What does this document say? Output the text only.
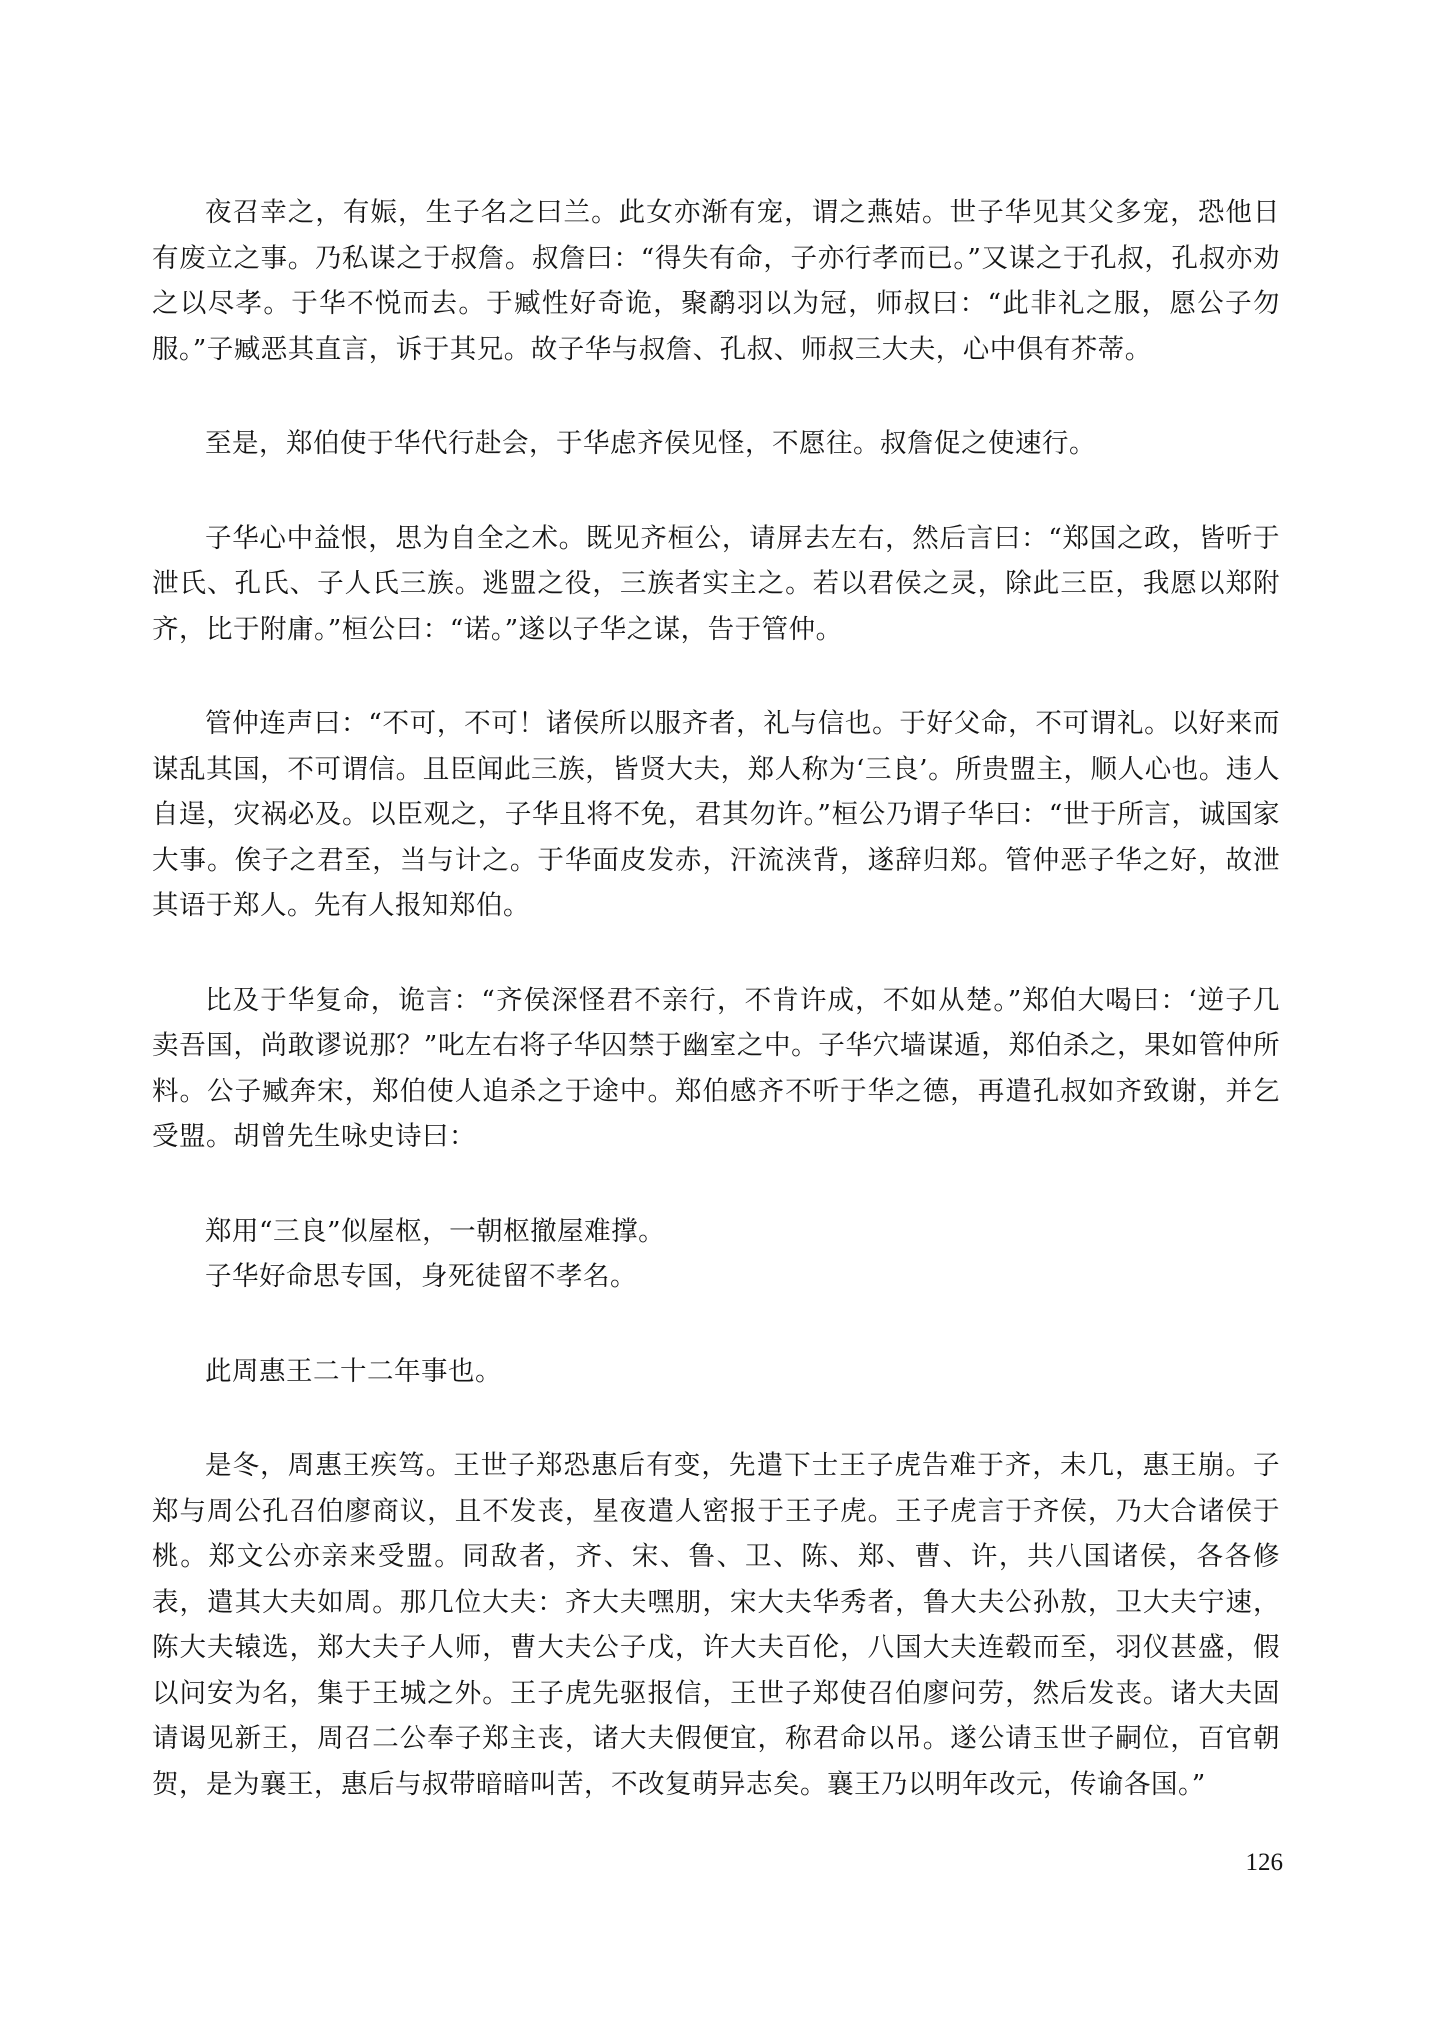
夜召幸之，有娠，生子名之曰兰。此女亦渐有宠，谓之燕姞。世子华见其父多宠，恐他日有废立之事。乃私谋之于叔詹。叔詹曰：“得失有命，子亦行孝而已。”又谋之于孔叔，孔叔亦劝之以尽孝。于华不悦而去。于臧性好奇诡，聚鹬羽以为冠，师叔曰：“此非礼之服，愿公子勿服。”子臧恶其直言，诉于其兄。故子华与叔詹、孔叔、师叔三大夫，心中俱有芥蒂。

至是，郑伯使于华代行赴会，于华虑齐侯见怪，不愿往。叔詹促之使速行。

子华心中益恨，思为自全之术。既见齐桓公，请屏去左右，然后言曰：“郑国之政，皆听于泄氏、孔氏、子人氏三族。逃盟之役，三族者实主之。若以君侯之灵，除此三臣，我愿以郑附齐，比于附庸。”桓公曰：“诺。”遂以子华之谋，告于管仲。

管仲连声曰：“不可，不可！诸侯所以服齐者，礼与信也。于好父命，不可谓礼。以好来而谋乱其国，不可谓信。且臣闻此三族，皆贤大夫，郑人称为‘三良’。所贵盟主，顺人心也。违人自逞，灾祸必及。以臣观之，子华且将不免，君其勿许。”桓公乃谓子华曰：“世于所言，诚国家大事。俟子之君至，当与计之。于华面皮发赤，汗流浃背，遂辞归郑。管仲恶子华之好，故泄其语于郑人。先有人报知郑伯。

比及于华复命，诡言：“齐侯深怪君不亲行，不肯许成，不如从楚。”郑伯大喝曰：‘逆子几卖吾国，尚敢谬说那？”叱左右将子华囚禁于幽室之中。子华穴墙谋遁，郑伯杀之，果如管仲所料。公子臧奔宋，郑伯使人追杀之于途中。郑伯感齐不听于华之德，再遣孔叔如齐致谢，并乞受盟。胡曾先生咏史诗曰：

郑用“三良”似屋枢，一朝枢撤屋难撑。
子华好命思专国，身死徒留不孝名。

此周惠王二十二年事也。

是冬，周惠王疾笃。王世子郑恐惠后有变，先遣下士王子虎告难于齐，未几，惠王崩。子郑与周公孔召伯廖商议，且不发丧，星夜遣人密报于王子虎。王子虎言于齐侯，乃大合诸侯于桃。郑文公亦亲来受盟。同敌者，齐、宋、鲁、卫、陈、郑、曹、许，共八国诸侯，各各修表，遣其大夫如周。那几位大夫：齐大夫嘿朋，宋大夫华秀者，鲁大夫公孙敖，卫大夫宁速，陈大夫辕选，郑大夫子人师，曹大夫公子戊，许大夫百伦，八国大夫连毂而至，羽仪甚盛，假以问安为名，集于王城之外。王子虎先驱报信，王世子郑使召伯廖问劳，然后发丧。诸大夫固请谒见新王，周召二公奉子郑主丧，诸大夫假便宜，称君命以吊。遂公请玉世子嗣位，百官朝贺，是为襄王，惠后与叔带暗暗叫苦，不改复萌异志矣。襄王乃以明年改元，传谕各国。”

126
